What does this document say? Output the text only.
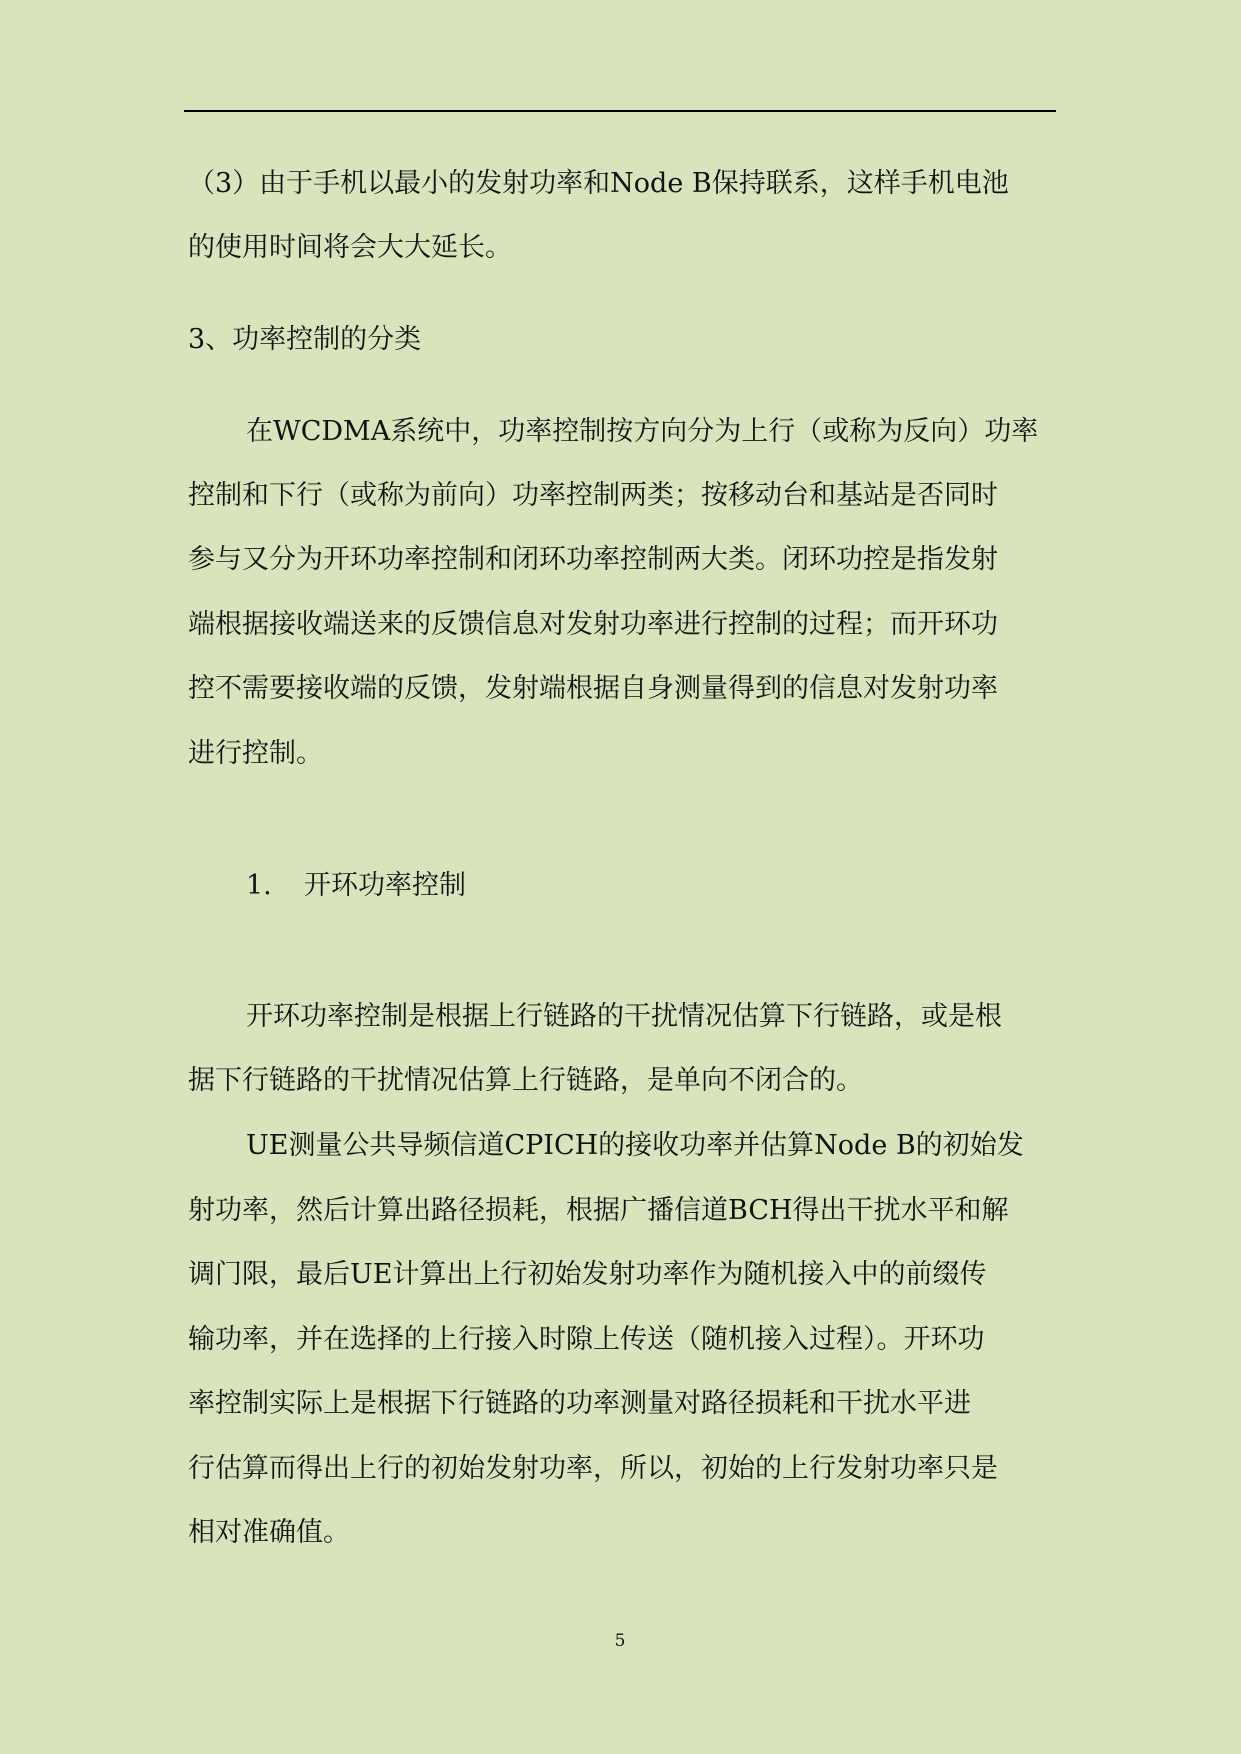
（3）由于手机以最小的发射功率和Node B保持联系，这样手机电池
的使用时间将会大大延长。
3、功率控制的分类
在WCDMA系统中，功率控制按方向分为上行（或称为反向）功率
控制和下行（或称为前向）功率控制两类；按移动台和基站是否同时
参与又分为开环功率控制和闭环功率控制两大类。闭环功控是指发射
端根据接收端送来的反馈信息对发射功率进行控制的过程；而开环功
控不需要接收端的反馈，发射端根据自身测量得到的信息对发射功率
进行控制。
1.	开环功率控制
开环功率控制是根据上行链路的干扰情况估算下行链路，或是根
据下行链路的干扰情况估算上行链路，是单向不闭合的。
UE测量公共导频信道CPICH的接收功率并估算Node B的初始发
射功率，然后计算出路径损耗，根据广播信道BCH得出干扰水平和解
调门限，最后UE计算出上行初始发射功率作为随机接入中的前缀传
输功率，并在选择的上行接入时隙上传送（随机接入过程）。开环功
率控制实际上是根据下行链路的功率测量对路径损耗和干扰水平进
行估算而得出上行的初始发射功率，所以，初始的上行发射功率只是
相对准确值。
5
